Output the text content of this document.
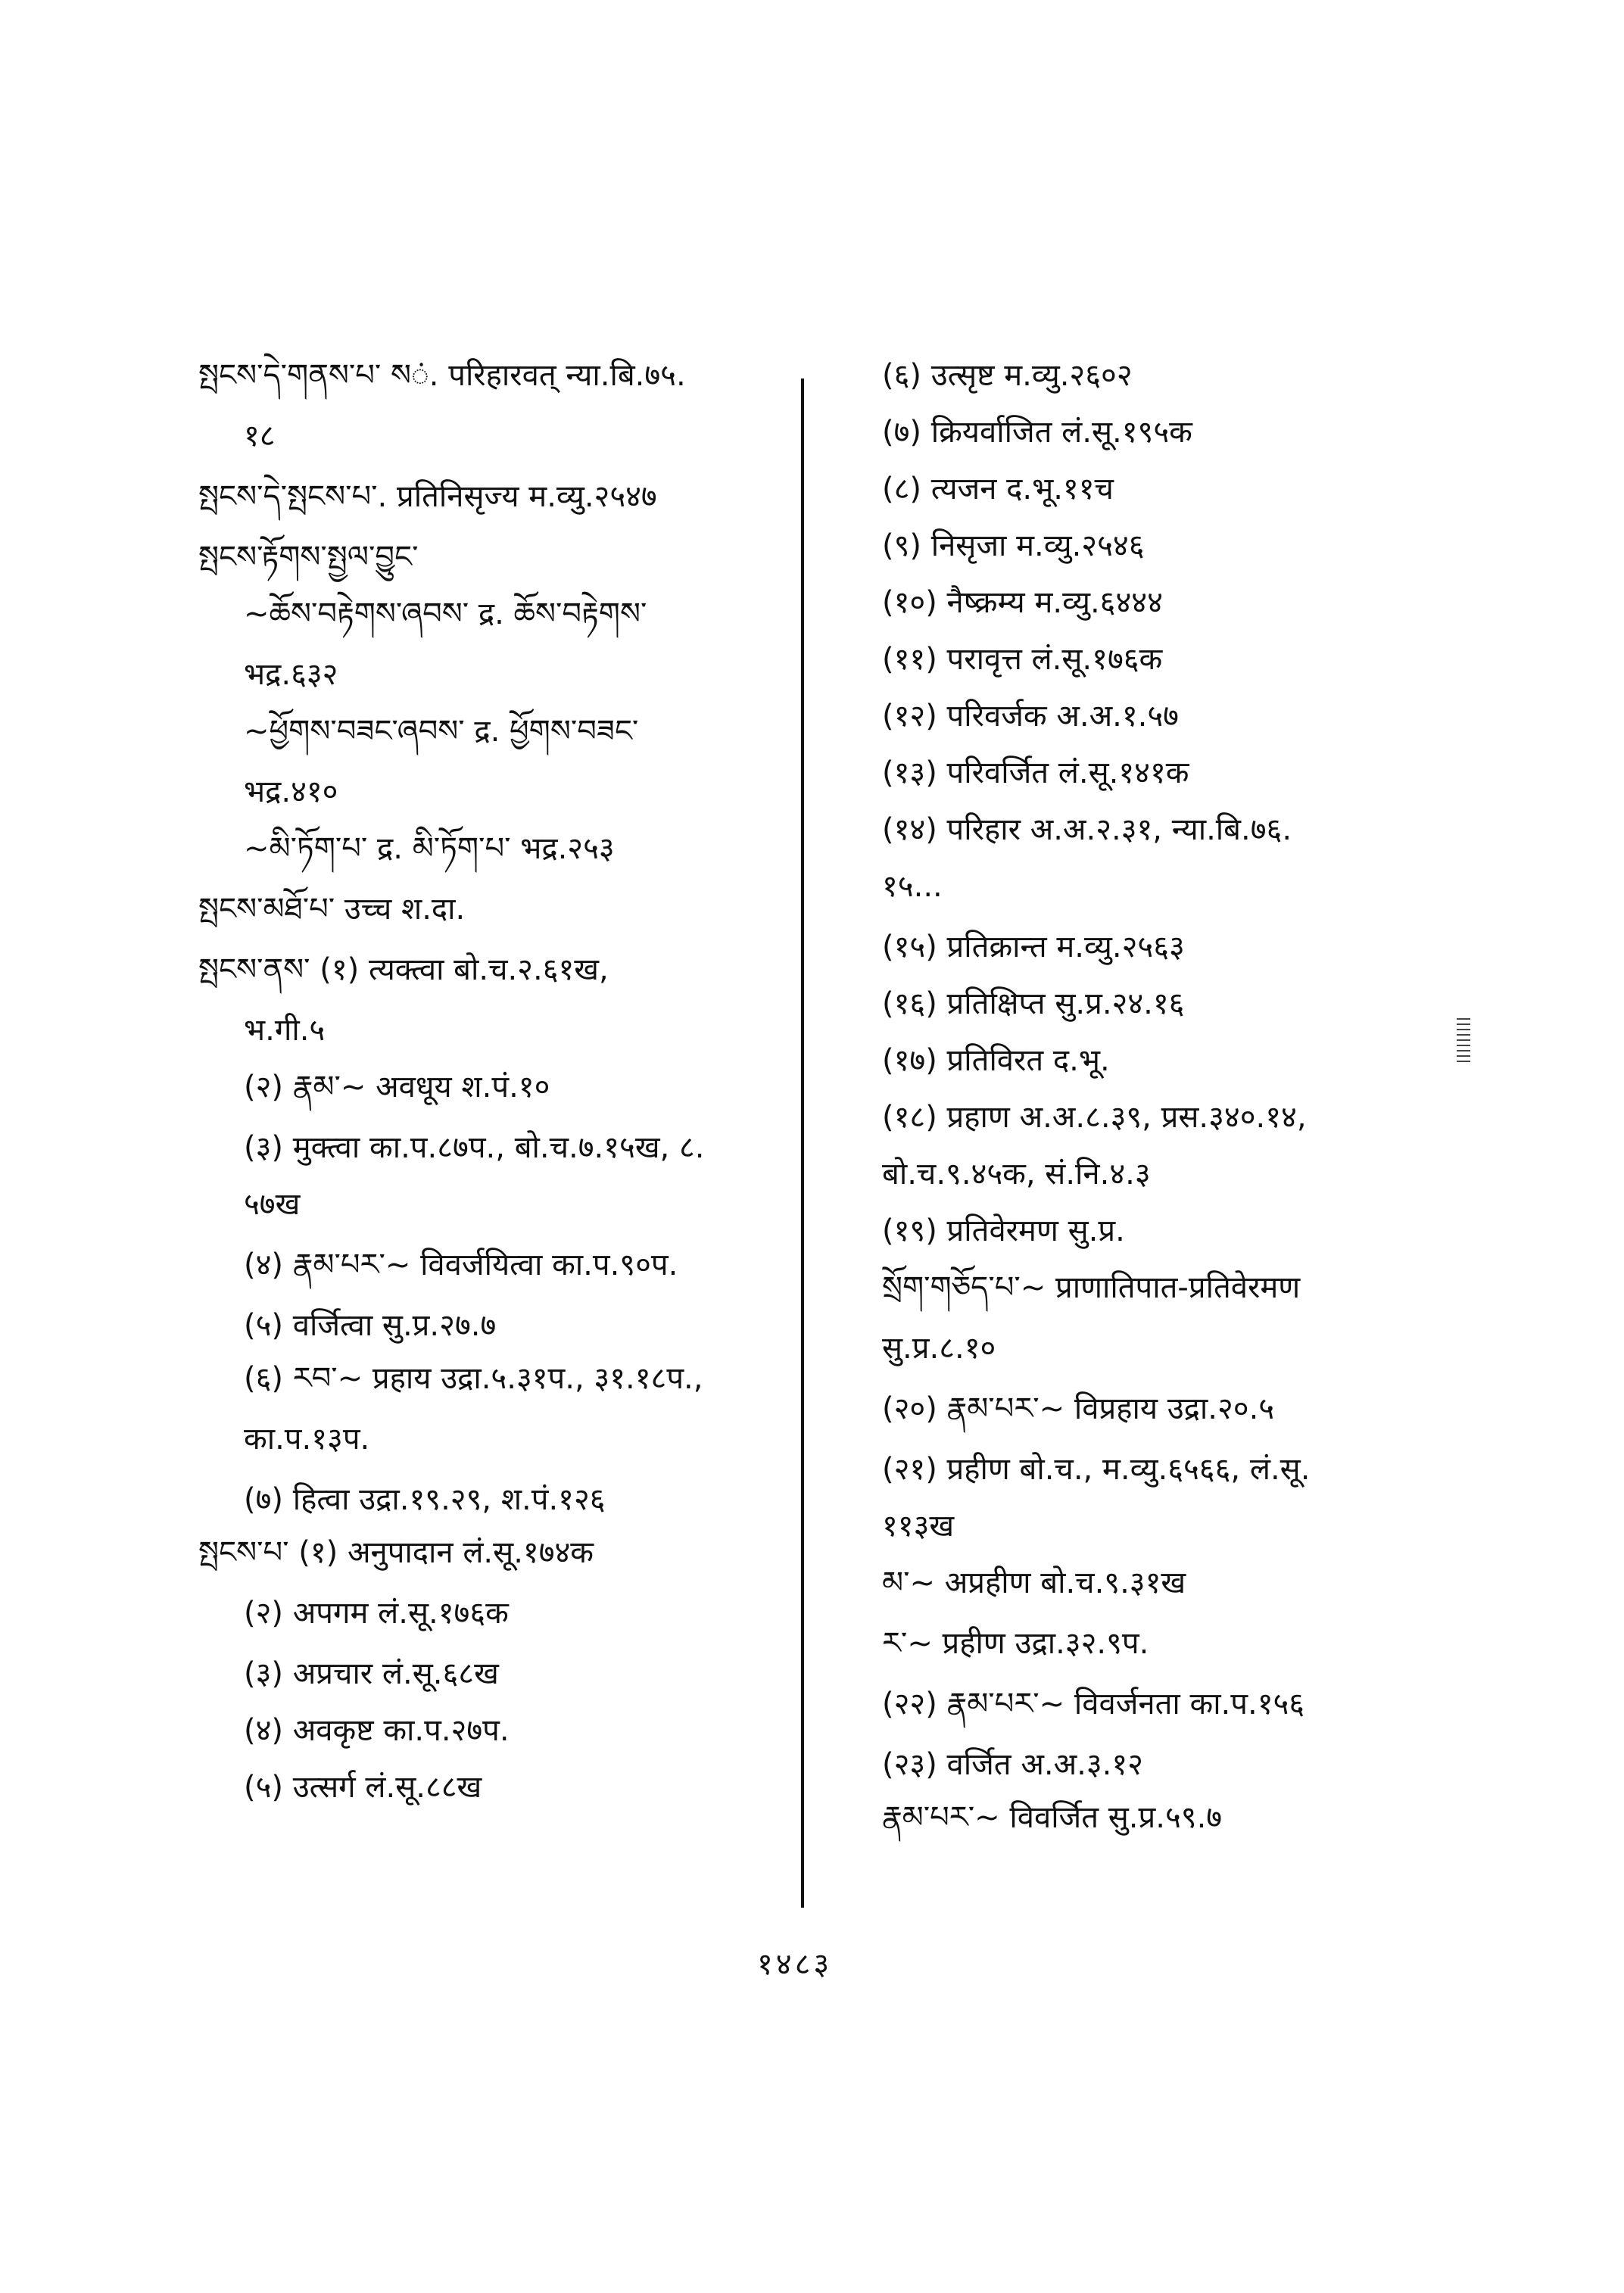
སྤངས་དེ་གནས་པ་ སं. परिहारवत् न्या.बि.७५.
१८
སྤངས་དེ་སྤངས་པ་. प्रतिनिसृज्य म.व्यु.२५४७
སྤངས་རྟོགས་སྤྱལ་བྱུང་
~ཆོས་བརྟེགས་ཞབས་ द्र. ཆོས་བརྟེགས་
भद्र.६३२
~ཕྱོགས་བཟང་ཞབས་ द्र. ཕྱོགས་བཟང་
भद्र.४१०
~མི་ཏོག་པ་ द्र. མི་ཏོག་པ་ भद्र.२५३
སྤངས་མཐོ་པ་ उच्च श.दा.
སྤངས་ནས་ (१) त्यक्त्वा बो.च.२.६१ख,
भ.गी.५
(२) རྣམ་~ अवधूय श.पं.१०
(३) मुक्त्वा का.प.८७प., बो.च.७.१५ख, ८.
५७ख
(४) རྣམ་པར་~ विवर्जयित्वा का.प.९०प.
(५) वर्जित्वा सु.प्र.२७.७
(६) རབ་~ प्रहाय उद्रा.५.३१प., ३१.१८प.,
का.प.१३प.
(७) हित्वा उद्रा.१९.२९, श.पं.१२६
སྤངས་པ་ (१) अनुपादान लं.सू.१७४क
(२) अपगम लं.सू.१७६क
(३) अप्रचार लं.सू.६८ख
(४) अवकृष्ट का.प.२७प.
(५) उत्सर्ग लं.सू.८८ख
(६) उत्सृष्ट म.व्यु.२६०२
(७) क्रियर्वाजित लं.सू.१९५क
(८) त्यजन द.भू.११च
(९) निसृजा म.व्यु.२५४६
(१०) नैष्क्रम्य म.व्यु.६४४४
(११) परावृत्त लं.सू.१७६क
(१२) परिवर्जक अ.अ.१.५७
(१३) परिवर्जित लं.सू.१४१क
(१४) परिहार अ.अ.२.३१, न्या.बि.७६.
१५...
(१५) प्रतिक्रान्त म.व्यु.२५६३
(१६) प्रतिक्षिप्त सु.प्र.२४.१६
(१७) प्रतिविरत द.भू.
(१८) प्रहाण अ.अ.८.३९, प्रस.३४०.१४,
बो.च.९.४५क, सं.नि.४.३
(१९) प्रतिवेरमण सु.प्र.
སྲོག་གཅོད་པ་~ प्राणातिपात-प्रतिवेरमण
सु.प्र.८.१०
(२०) རྣམ་པར་~ विप्रहाय उद्रा.२०.५
(२१) प्रहीण बो.च., म.व्यु.६५६६, लं.सू.
११३ख
མ་~ अप्रहीण बो.च.९.३१ख
ར་~ प्रहीण उद्रा.३२.९प.
(२२) རྣམ་པར་~ विवर्जनता का.प.१५६
(२३) वर्जित अ.अ.३.१२
རྣམ་པར་~ विवर्जित सु.प्र.५९.७
१४८३
